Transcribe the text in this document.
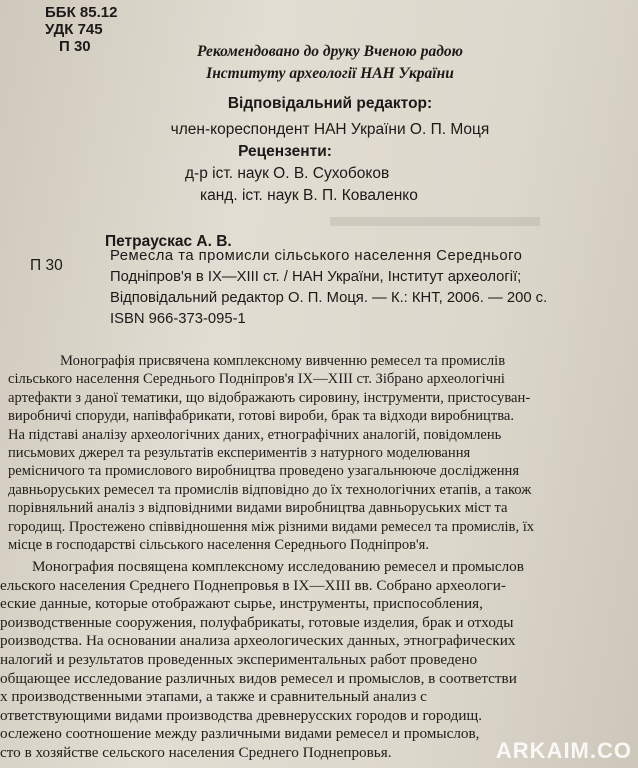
▬▬▬▬▬▬▬
ББК 85.12
УДК 745
П 30	Рекомендовано до друку Вченою радою
Інституту археології НАН України
Відповідальний редактор:
член-кореспондент НАН України О. П. Моця
Рецензенти:
д-р іст. наук О. В. Сухобоков
канд. іст. наук В. П. Коваленко
Петраускас А. В.
П 30
Ремесла та промисли сільського населення Середнього
Подніпров'я в IX—XIII ст. / НАН України, Інститут археології;
Відповідальний редактор О. П. Моця. — К.: КНТ, 2006. — 200 с.
ISBN 966-373-095-1
Монографія присвячена комплексному вивченню ремесел та промислів
сільського населення Середнього Подніпров'я IX—XIII ст. Зібрано археологічні
артефакти з даної тематики, що відображають сировину, інструменти, пристосуван-
виробничі споруди, напівфабрикати, готові вироби, брак та відходи виробництва.
На підставі аналізу археологічних даних, етнографічних аналогій, повідомлень
письмових джерел та результатів експериментів з натурного моделювання
ремісничого та промислового виробництва проведено узагальнююче дослідження
давньоруських ремесел та промислів відповідно до їх технологічних етапів, а також
порівняльний аналіз з відповідними видами виробництва давньоруських міст та
городищ. Простежено співвідношення між різними видами ремесел та промислів, їх
місце в господарстві сільського населення Середнього Подніпров'я.
Монография посвящена комплексному исследованию ремесел и промыслов
ельского населения Среднего Поднепровья в IX—XIII вв. Собрано археологи-
еские данные, которые отображают сырье, инструменты, приспособления,
роизводственные сооружения, полуфабрикаты, готовые изделия, брак и отходы
роизводства. На основании анализа археологических данных, этнографических
налогий и результатов проведенных экспериментальных работ проведено
общающее исследование различных видов ремесел и промыслов, в соответстви
х производственными этапами, а также и сравнительный анализ с
ответствующими видами производства древнерусских городов и городищ.
ослежено соотношение между различными видами ремесел и промыслов,
сто в хозяйстве сельского населения Среднего Поднепровья.	ARKAIM.CO
